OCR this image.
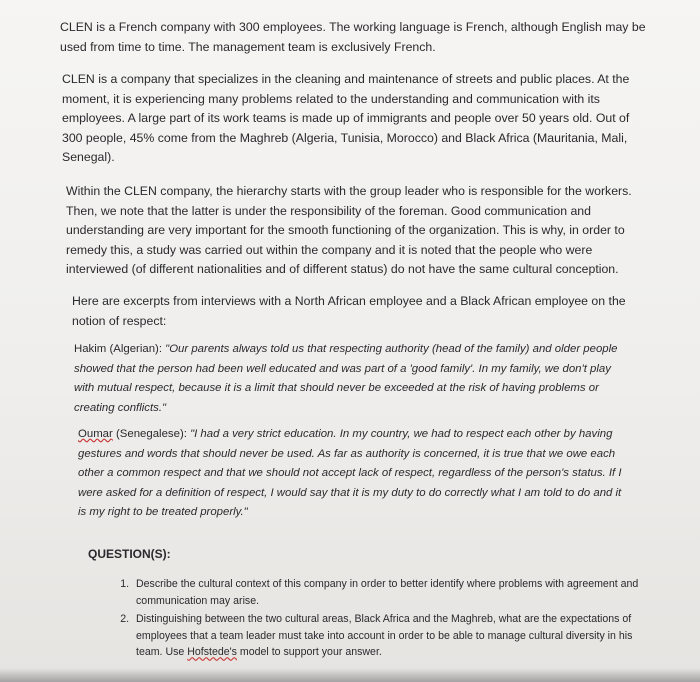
CLEN is a French company with 300 employees. The working language is French, although English may be used from time to time. The management team is exclusively French.

CLEN is a company that specializes in the cleaning and maintenance of streets and public places. At the moment, it is experiencing many problems related to the understanding and communication with its employees. A large part of its work teams is made up of immigrants and people over 50 years old. Out of 300 people, 45% come from the Maghreb (Algeria, Tunisia, Morocco) and Black Africa (Mauritania, Mali, Senegal).

Within the CLEN company, the hierarchy starts with the group leader who is responsible for the workers. Then, we note that the latter is under the responsibility of the foreman. Good communication and understanding are very important for the smooth functioning of the organization. This is why, in order to remedy this, a study was carried out within the company and it is noted that the people who were interviewed (of different nationalities and of different status) do not have the same cultural conception.

Here are excerpts from interviews with a North African employee and a Black African employee on the notion of respect:

Hakim (Algerian): "Our parents always told us that respecting authority (head of the family) and older people showed that the person had been well educated and was part of a 'good family'. In my family, we don't play with mutual respect, because it is a limit that should never be exceeded at the risk of having problems or creating conflicts."

Oumar (Senegalese): "I had a very strict education. In my country, we had to respect each other by having gestures and words that should never be used. As far as authority is concerned, it is true that we owe each other a common respect and that we should not accept lack of respect, regardless of the person's status. If I were asked for a definition of respect, I would say that it is my duty to do correctly what I am told to do and it is my right to be treated properly."

QUESTION(S):

1. Describe the cultural context of this company in order to better identify where problems with agreement and communication may arise.
2. Distinguishing between the two cultural areas, Black Africa and the Maghreb, what are the expectations of employees that a team leader must take into account in order to be able to manage cultural diversity in his team. Use Hofstede's model to support your answer.
